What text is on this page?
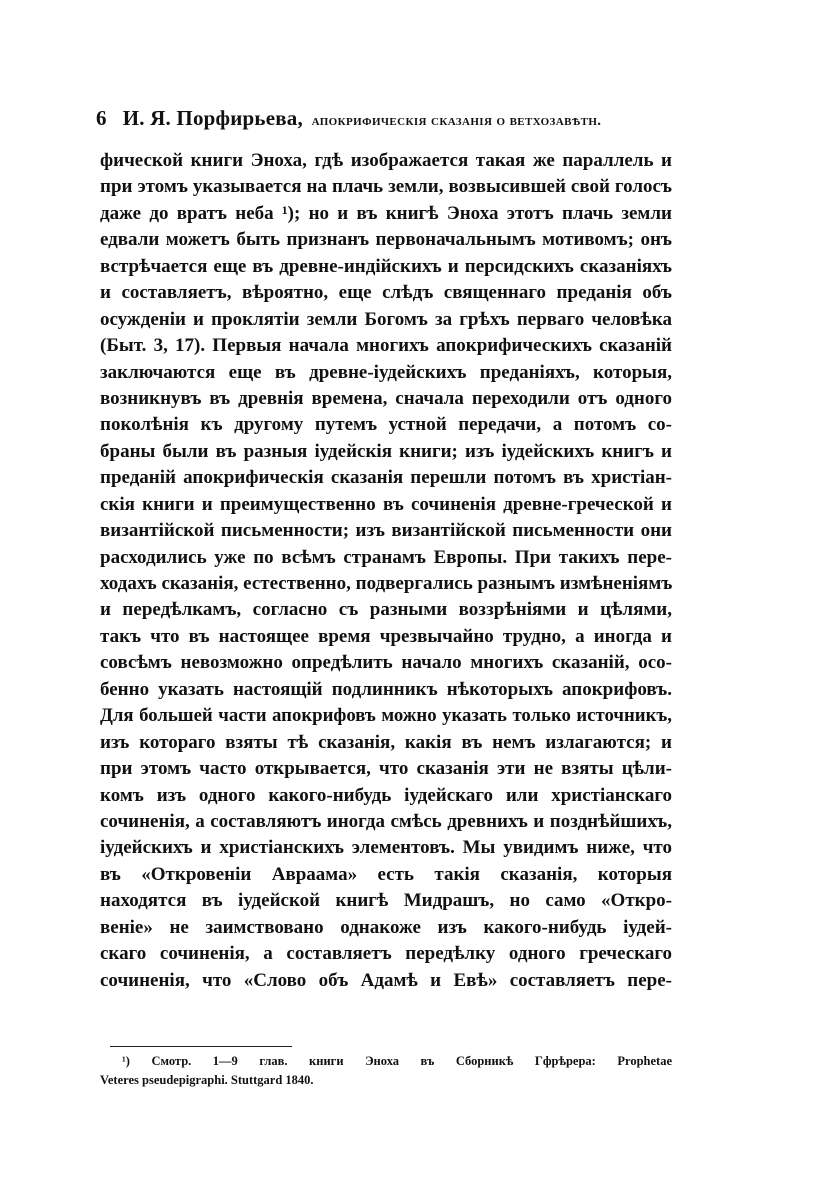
6 И. Я. Порфирьева, апокрифическія сказанія о ветхозавѣтн.
фической книги Эноха, гдѣ изображается такая же параллель и
при этомъ указывается на плачь земли, возвысившей свой голосъ
даже до вратъ неба ¹); но и въ книгѣ Эноха этотъ плачь земли
едвали можетъ быть признанъ первоначальнымъ мотивомъ; онъ
встрѣчается еще въ древне-индійскихъ и персидскихъ сказаніяхъ
и составляетъ, вѣроятно, еще слѣдъ священнаго преданія объ
осужденіи и проклятіи земли Богомъ за грѣхъ перваго человѣка
(Быт. 3, 17). Первыя начала многихъ апокрифическихъ сказаній
заключаются еще въ древне-іудейскихъ преданіяхъ, которыя,
возникнувъ въ древнія времена, сначала переходили отъ одного
поколѣнія къ другому путемъ устной передачи, а потомъ со-
браны были въ разныя іудейскія книги; изъ іудейскихъ книгъ и
преданій апокрифическія сказанія перешли потомъ въ христіан-
скія книги и преимущественно въ сочиненія древне-греческой и
византійской письменности; изъ византійской письменности они
расходились уже по всѣмъ странамъ Европы. При такихъ пере-
ходахъ сказанія, естественно, подвергались разнымъ измѣненіямъ
и передѣлкамъ, согласно съ разными воззрѣніями и цѣлями,
такъ что въ настоящее время чрезвычайно трудно, а иногда и
совсѣмъ невозможно опредѣлить начало многихъ сказаній, осо-
бенно указать настоящій подлинникъ нѣкоторыхъ апокрифовъ.
Для большей части апокрифовъ можно указать только источникъ,
изъ котораго взяты тѣ сказанія, какія въ немъ излагаются; и
при этомъ часто открывается, что сказанія эти не взяты цѣли-
комъ изъ одного какого-нибудь іудейскаго или христіанскаго
сочиненія, а составляютъ иногда смѣсь древнихъ и позднѣйшихъ,
іудейскихъ и христіанскихъ элементовъ. Мы увидимъ ниже, что
въ «Откровеніи Авраама» есть такія сказанія, которыя
находятся въ іудейской книгѣ Мидрашъ, но само «Откро-
веніе» не заимствовано однакоже изъ какого-нибудь іудей-
скаго сочиненія, а составляетъ передѣлку одного греческаго
сочиненія, что «Слово объ Адамѣ и Евѣ» составляетъ пере-
¹) Смотр. 1—9 глав. книги Эноха въ Сборникѣ Гфрѣрера: Prophetae
Veteres pseudepigraphi. Stuttgard 1840.
